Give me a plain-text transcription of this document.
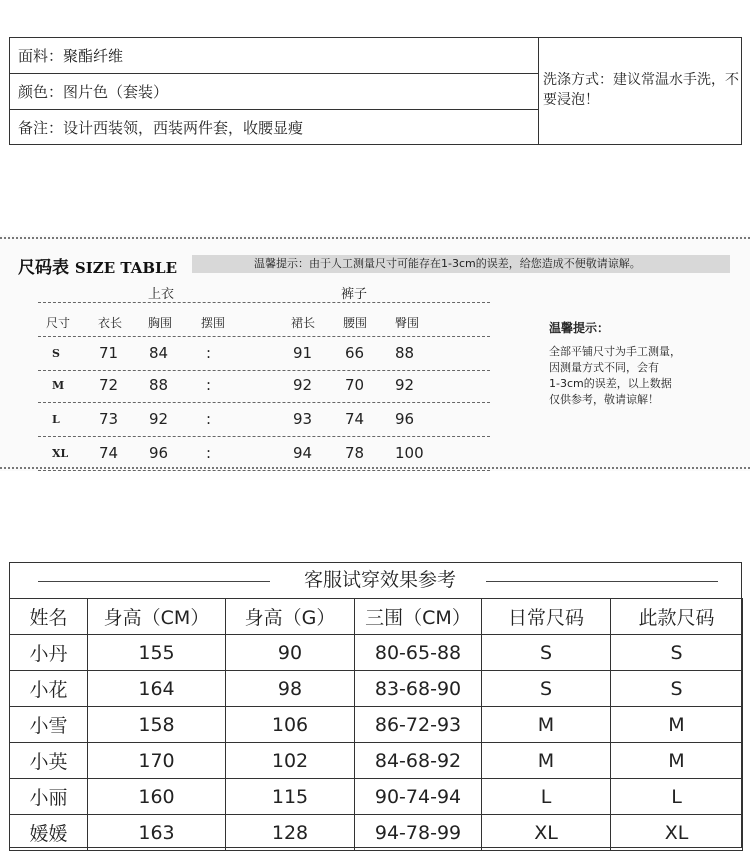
面料：聚酯纤维
颜色：图片色（套装）
备注：设计西装领，西装两件套，收腰显瘦
洗涤方式：建议常温水手洗，不要浸泡！
尺码表 SIZE TABLE	温馨提示：由于人工测量尺寸可能存在1-3cm的误差，给您造成不便敬请谅解。
上衣	裤子
尺寸 衣长 胸围 摆围	裙长 腰围 臀围
S	71 84	:	91 66 88
M 72 88	:	92 70 92
L	73 92	:	93 74 96
XL 74 96	:	94 78 100
温馨提示：
全部平铺尺寸为手工测量，
因测量方式不同，会有
1-3cm的误差，以上数据
仅供参考，敬请谅解！
客服试穿效果参考
姓名	身高（CM）	身高（G）	三围（CM）	日常尺码	此款尺码
小丹	155	90	80-65-88	S	S
小花	164	98	83-68-90	S	S
小雪	158	106	86-72-93	M	M
小英	170	102	84-68-92	M	M
小丽	160	115	90-74-94	L	L
媛媛	163	128	94-78-99	XL	XL
